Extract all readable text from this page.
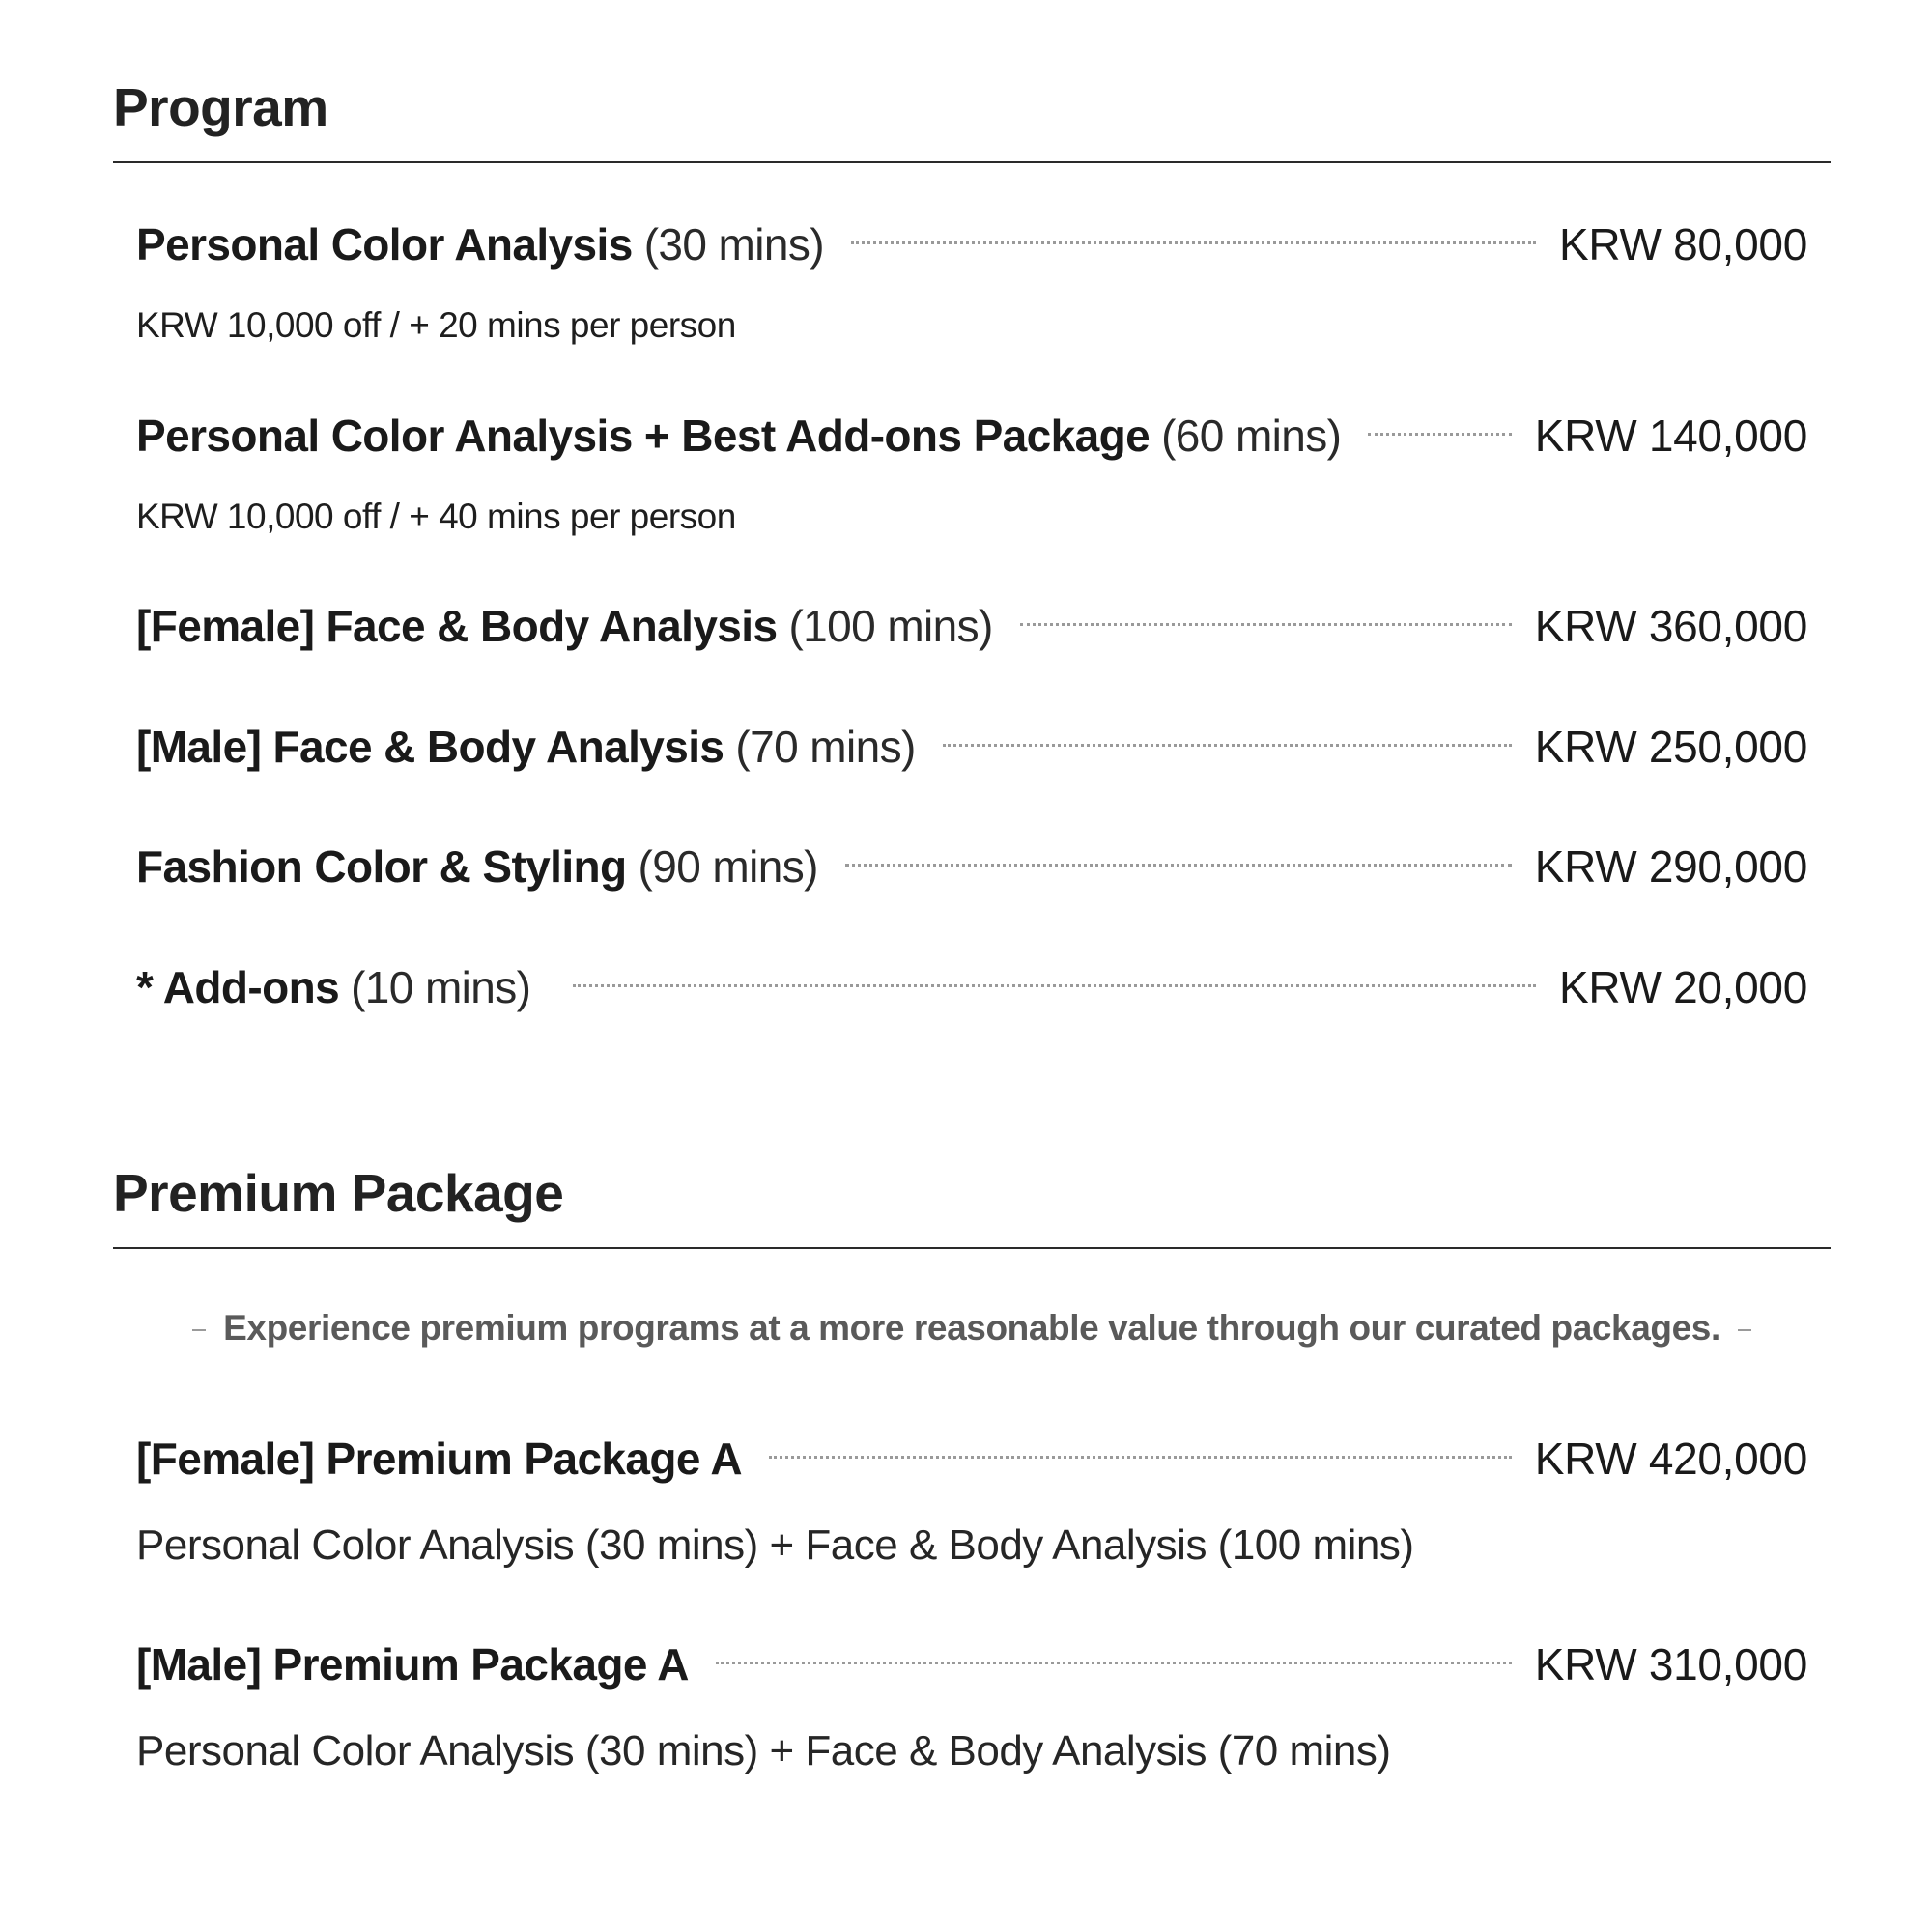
Program
Personal Color Analysis (30 mins)	KRW 80,000
KRW 10,000 off / + 20 mins per person
Personal Color Analysis + Best Add-ons Package (60 mins)	KRW 140,000
KRW 10,000 off / + 40 mins per person
[Female] Face & Body Analysis (100 mins)	KRW 360,000
[Male] Face & Body Analysis (70 mins)	KRW 250,000
Fashion Color & Styling (90 mins)	KRW 290,000
* Add-ons (10 mins)	KRW 20,000
Premium Package
Experience premium programs at a more reasonable value through our curated packages.
[Female] Premium Package A	KRW 420,000
Personal Color Analysis (30 mins) + Face & Body Analysis (100 mins)
[Male] Premium Package A	KRW 310,000
Personal Color Analysis (30 mins) + Face & Body Analysis (70 mins)
